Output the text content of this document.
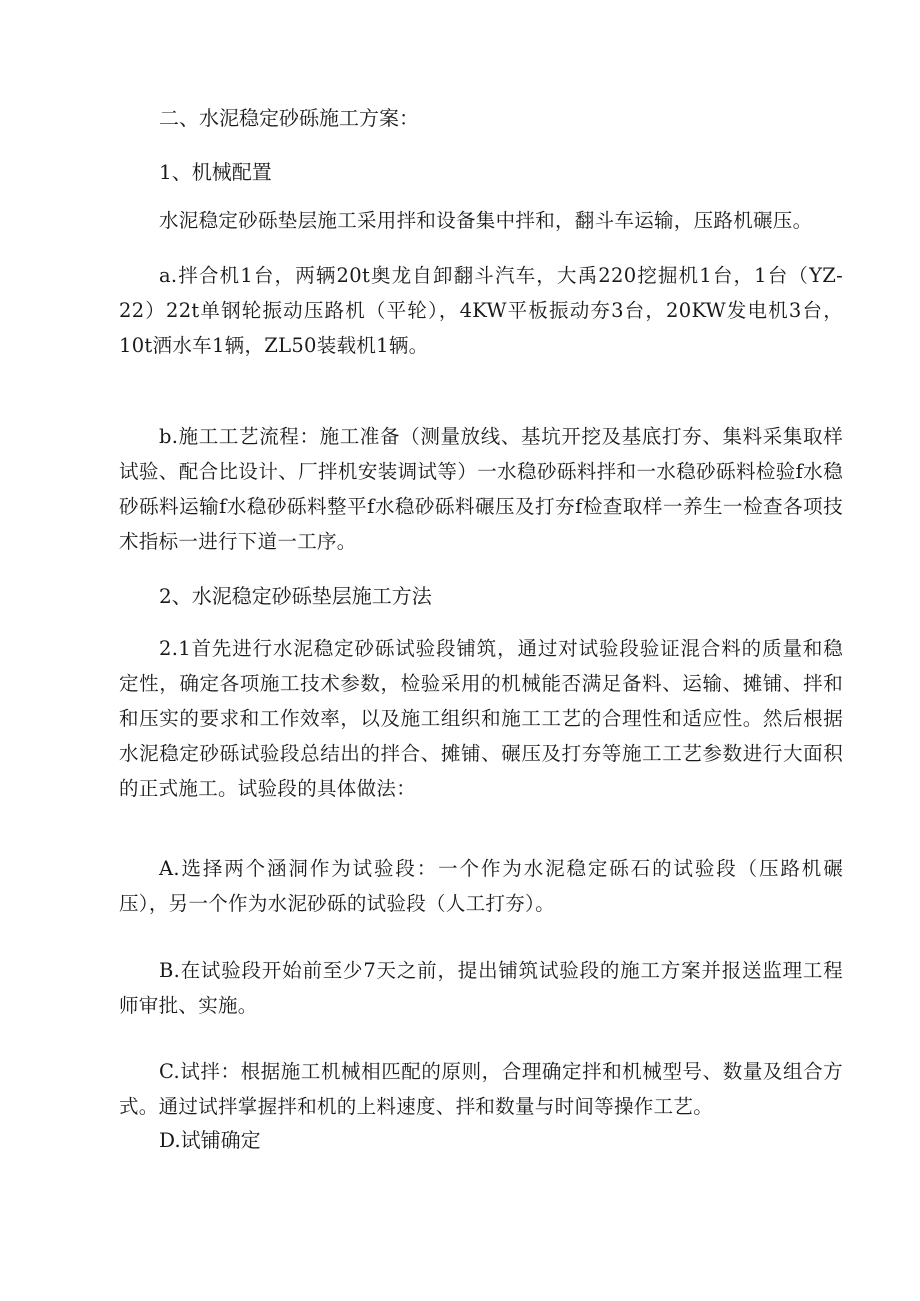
二、水泥稳定砂砾施工方案：

1、机械配置

水泥稳定砂砾垫层施工采用拌和设备集中拌和，翻斗车运输，压路机碾压。

a.拌合机1台，两辆20t奥龙自卸翻斗汽车，大禹220挖掘机1台，1台（YZ-22）22t单钢轮振动压路机（平轮），4KW平板振动夯3台，20KW发电机3台，10t洒水车1辆，ZL50装载机1辆。

b.施工工艺流程：施工准备（测量放线、基坑开挖及基底打夯、集料采集取样试验、配合比设计、厂拌机安装调试等）一水稳砂砾料拌和一水稳砂砾料检验f水稳砂砾料运输f水稳砂砾料整平f水稳砂砾料碾压及打夯f检查取样一养生一检查各项技术指标一进行下道一工序。

2、水泥稳定砂砾垫层施工方法

2.1首先进行水泥稳定砂砾试验段铺筑，通过对试验段验证混合料的质量和稳定性，确定各项施工技术参数，检验采用的机械能否满足备料、运输、摊铺、拌和和压实的要求和工作效率，以及施工组织和施工工艺的合理性和适应性。然后根据水泥稳定砂砾试验段总结出的拌合、摊铺、碾压及打夯等施工工艺参数进行大面积的正式施工。试验段的具体做法：

A.选择两个涵洞作为试验段：一个作为水泥稳定砾石的试验段（压路机碾压），另一个作为水泥砂砾的试验段（人工打夯）。

B.在试验段开始前至少7天之前，提出铺筑试验段的施工方案并报送监理工程师审批、实施。

C.试拌：根据施工机械相匹配的原则，合理确定拌和机械型号、数量及组合方式。通过试拌掌握拌和机的上料速度、拌和数量与时间等操作工艺。

D.试铺确定
